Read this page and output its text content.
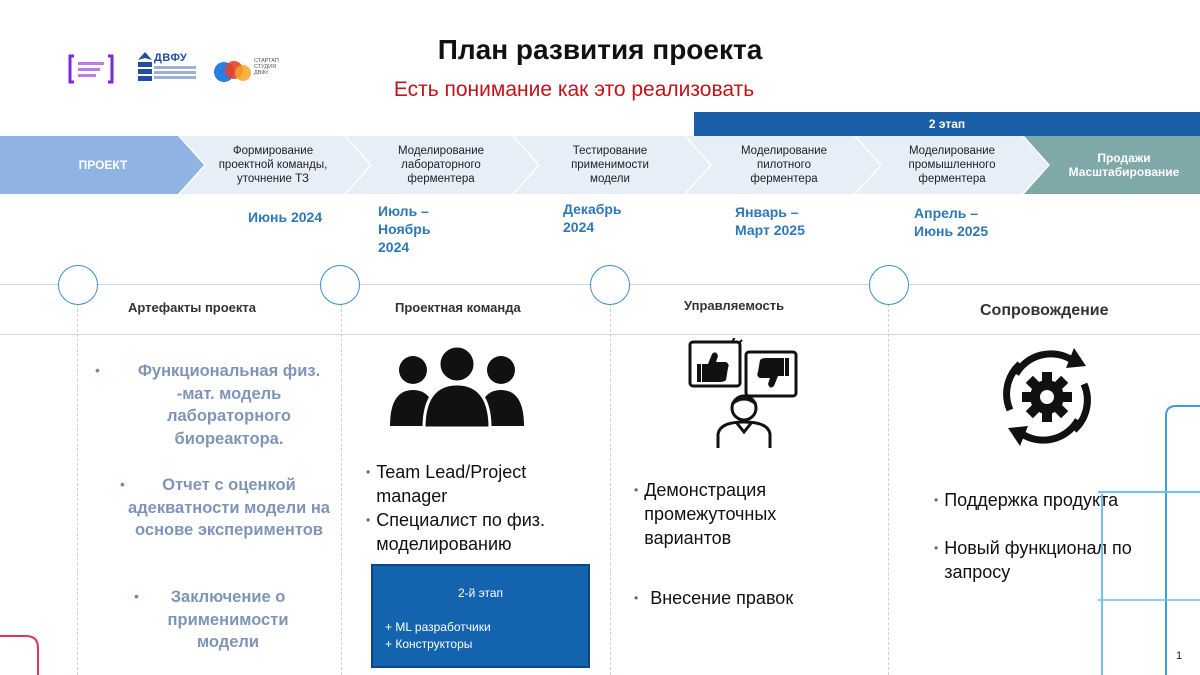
ДВФУ	СТАРТАП
СТУДИЯ
ДВФУ
План развития проекта
Есть понимание как это реализовать
2 этап
ПРОЕКТ
Формирование проектной команды, уточнение ТЗ
Моделирование лабораторного ферментера
Тестирование применимости модели
Моделирование пилотного ферментера
Моделирование промышленного ферментера
Продажи Масштабирование
Июнь 2024	Июль – Ноябрь 2024
Декабрь 2024
Январь – Март 2025
Апрель – Июнь 2025
Артефакты проекта	Проектная команда	Управляемость	Сопровождение
•	Функциональная физ. -мат. модель лабораторного биореактора.
•	Отчет с оценкой адекватности модели на основе экспериментов
•	Заключение о применимости модели
• Team Lead/Project manager
• Специалист по физ. моделированию
2-й этап
+ ML разработчики
+ Конструкторы
• Демонстрация промежуточных вариантов
• Внесение правок
• Поддержка продукта
• Новый функционал по запросу
1
